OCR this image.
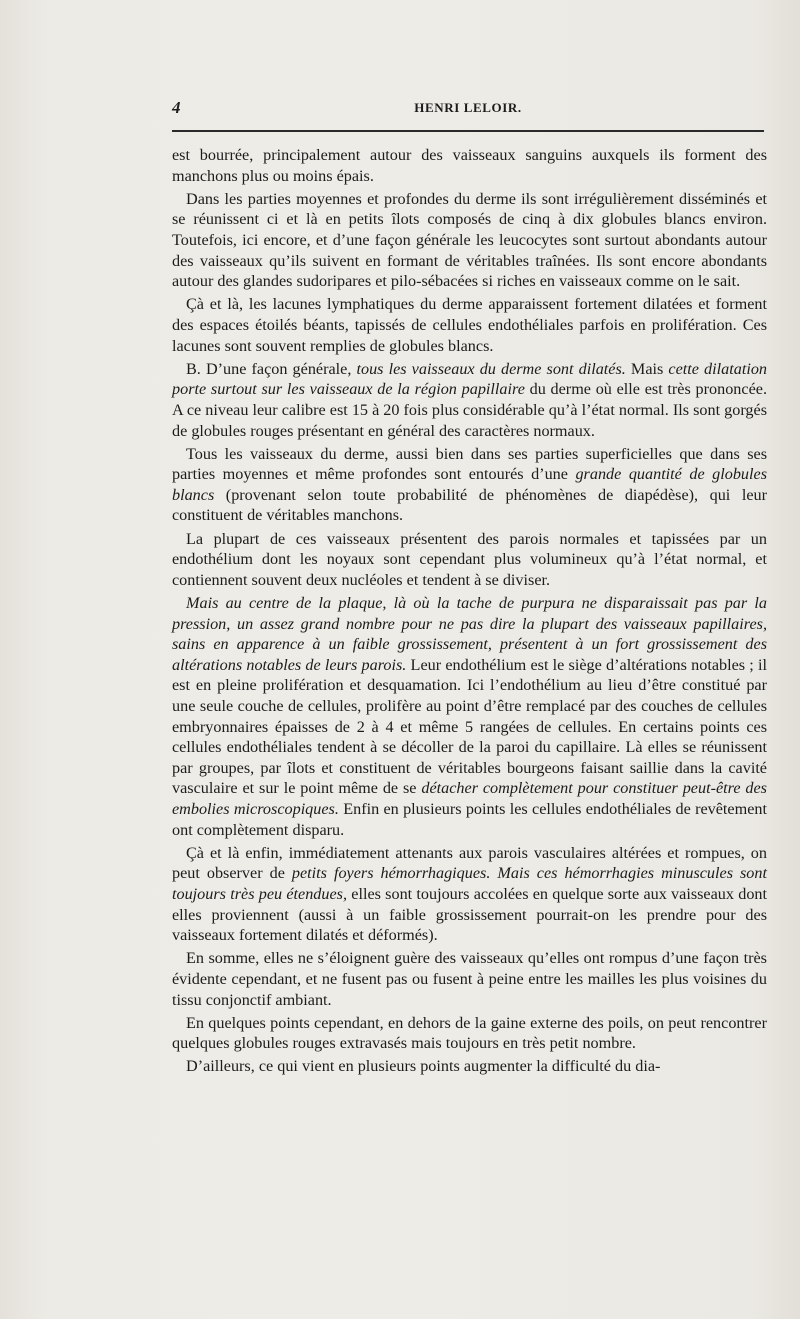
4	HENRI LELOIR.

est bourrée, principalement autour des vaisseaux sanguins auxquels ils forment des manchons plus ou moins épais.

Dans les parties moyennes et profondes du derme ils sont irrégulièrement disséminés et se réunissent ci et là en petits îlots composés de cinq à dix globules blancs environ. Toutefois, ici encore, et d’une façon générale les leucocytes sont surtout abondants autour des vaisseaux qu’ils suivent en formant de véritables traînées. Ils sont encore abondants autour des glandes sudoripares et pilo-sébacées si riches en vaisseaux comme on le sait.

Çà et là, les lacunes lymphatiques du derme apparaissent fortement dilatées et forment des espaces étoilés béants, tapissés de cellules endothéliales parfois en prolifération. Ces lacunes sont souvent remplies de globules blancs.

B. D’une façon générale, tous les vaisseaux du derme sont dilatés. Mais cette dilatation porte surtout sur les vaisseaux de la région papillaire du derme où elle est très prononcée. A ce niveau leur calibre est 15 à 20 fois plus considérable qu’à l’état normal. Ils sont gorgés de globules rouges présentant en général des caractères normaux.

Tous les vaisseaux du derme, aussi bien dans ses parties superficielles que dans ses parties moyennes et même profondes sont entourés d’une grande quantité de globules blancs (provenant selon toute probabilité de phénomènes de diapédèse), qui leur constituent de véritables manchons.

La plupart de ces vaisseaux présentent des parois normales et tapissées par un endothélium dont les noyaux sont cependant plus volumineux qu’à l’état normal, et contiennent souvent deux nucléoles et tendent à se diviser.

Mais au centre de la plaque, là où la tache de purpura ne disparaissait pas par la pression, un assez grand nombre pour ne pas dire la plupart des vaisseaux papillaires, sains en apparence à un faible grossissement, présentent à un fort grossissement des altérations notables de leurs parois. Leur endothélium est le siège d’altérations notables ; il est en pleine prolifération et desquamation. Ici l’endothélium au lieu d’être constitué par une seule couche de cellules, prolifère au point d’être remplacé par des couches de cellules embryonnaires épaisses de 2 à 4 et même 5 rangées de cellules. En certains points ces cellules endothéliales tendent à se décoller de la paroi du capillaire. Là elles se réunissent par groupes, par îlots et constituent de véritables bourgeons faisant saillie dans la cavité vasculaire et sur le point même de se détacher complètement pour constituer peut-être des embolies microscopiques. Enfin en plusieurs points les cellules endothéliales de revêtement ont complètement disparu.

Çà et là enfin, immédiatement attenants aux parois vasculaires altérées et rompues, on peut observer de petits foyers hémorrhagiques. Mais ces hémorrhagies minuscules sont toujours très peu étendues, elles sont toujours accolées en quelque sorte aux vaisseaux dont elles proviennent (aussi à un faible grossissement pourrait-on les prendre pour des vaisseaux fortement dilatés et déformés).

En somme, elles ne s’éloignent guère des vaisseaux qu’elles ont rompus d’une façon très évidente cependant, et ne fusent pas ou fusent à peine entre les mailles les plus voisines du tissu conjonctif ambiant.

En quelques points cependant, en dehors de la gaine externe des poils, on peut rencontrer quelques globules rouges extravasés mais toujours en très petit nombre.

D’ailleurs, ce qui vient en plusieurs points augmenter la difficulté du dia-
